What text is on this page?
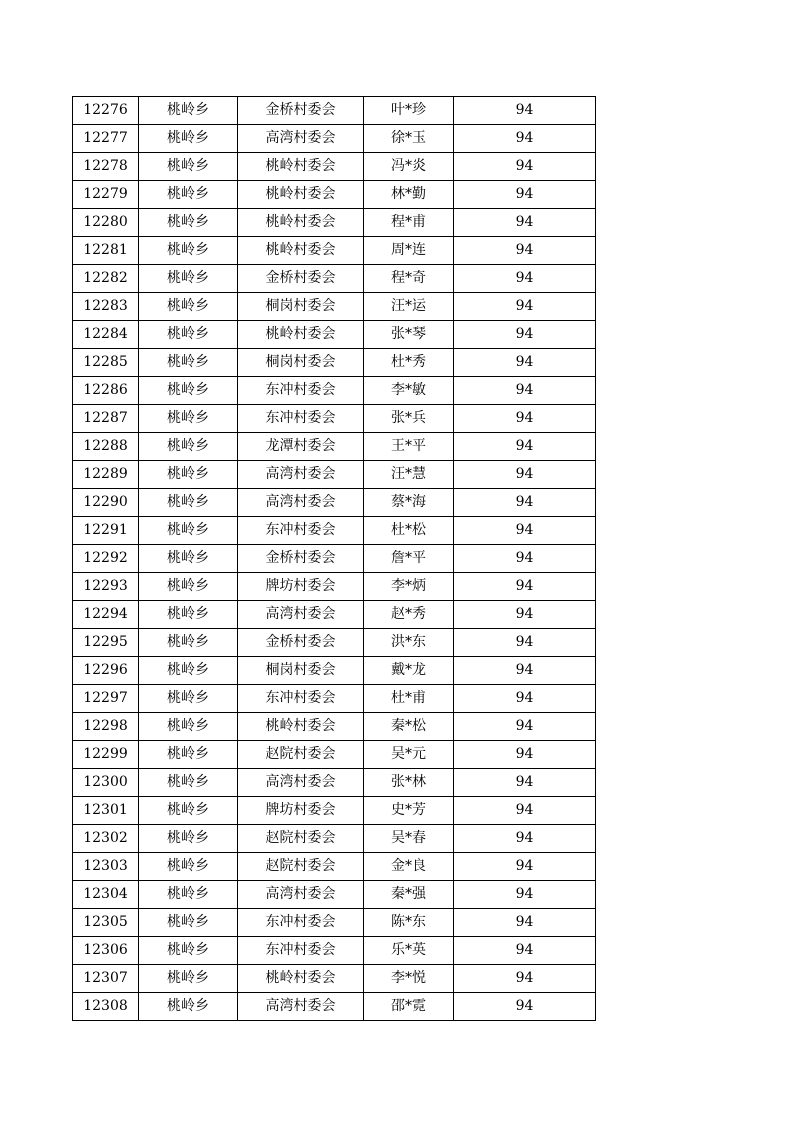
12276	桃岭乡	金桥村委会	叶*珍	94
12277	桃岭乡	高湾村委会	徐*玉	94
12278	桃岭乡	桃岭村委会	冯*炎	94
12279	桃岭乡	桃岭村委会	林*勤	94
12280	桃岭乡	桃岭村委会	程*甫	94
12281	桃岭乡	桃岭村委会	周*连	94
12282	桃岭乡	金桥村委会	程*奇	94
12283	桃岭乡	桐岗村委会	汪*运	94
12284	桃岭乡	桃岭村委会	张*琴	94
12285	桃岭乡	桐岗村委会	杜*秀	94
12286	桃岭乡	东冲村委会	李*敏	94
12287	桃岭乡	东冲村委会	张*兵	94
12288	桃岭乡	龙潭村委会	王*平	94
12289	桃岭乡	高湾村委会	汪*慧	94
12290	桃岭乡	高湾村委会	蔡*海	94
12291	桃岭乡	东冲村委会	杜*松	94
12292	桃岭乡	金桥村委会	詹*平	94
12293	桃岭乡	牌坊村委会	李*炳	94
12294	桃岭乡	高湾村委会	赵*秀	94
12295	桃岭乡	金桥村委会	洪*东	94
12296	桃岭乡	桐岗村委会	戴*龙	94
12297	桃岭乡	东冲村委会	杜*甫	94
12298	桃岭乡	桃岭村委会	秦*松	94
12299	桃岭乡	赵院村委会	吴*元	94
12300	桃岭乡	高湾村委会	张*林	94
12301	桃岭乡	牌坊村委会	史*芳	94
12302	桃岭乡	赵院村委会	吴*春	94
12303	桃岭乡	赵院村委会	金*良	94
12304	桃岭乡	高湾村委会	秦*强	94
12305	桃岭乡	东冲村委会	陈*东	94
12306	桃岭乡	东冲村委会	乐*英	94
12307	桃岭乡	桃岭村委会	李*悦	94
12308	桃岭乡	高湾村委会	邵*霓	94
